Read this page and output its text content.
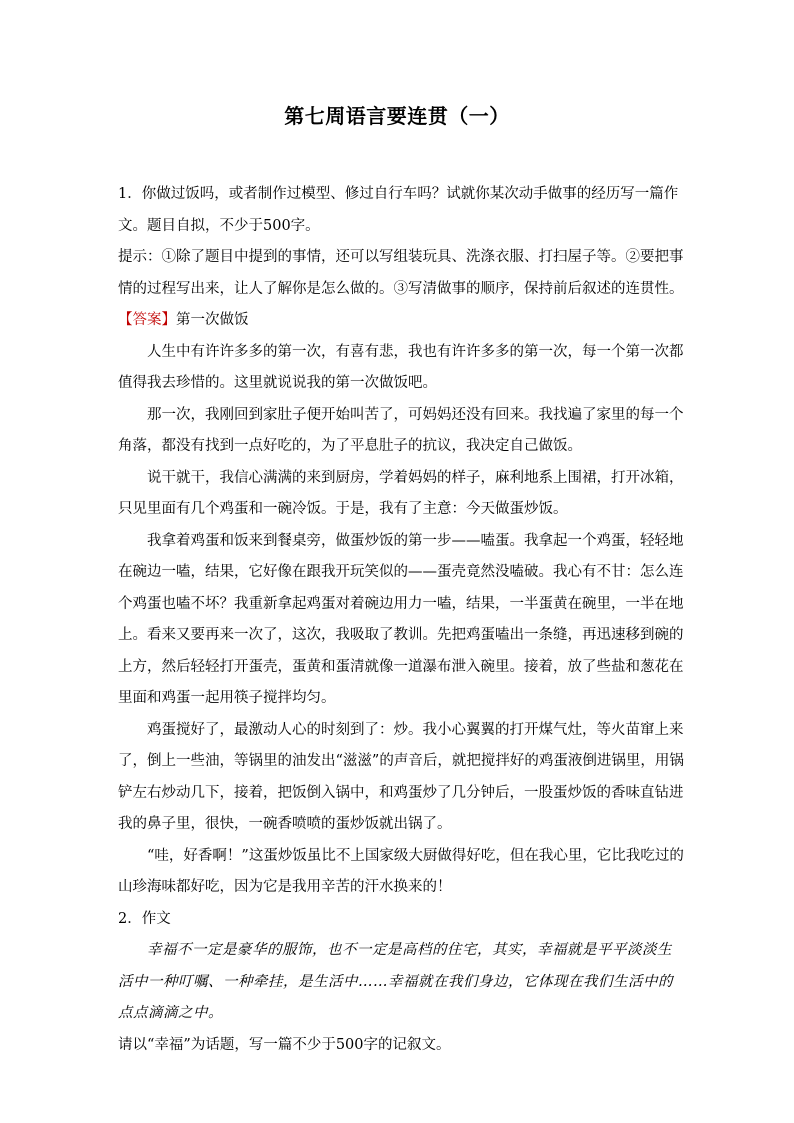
第七周语言要连贯（一）

1．你做过饭吗，或者制作过模型、修过自行车吗？试就你某次动手做事的经历写一篇作文。题目自拟，不少于500字。

提示：①除了题目中提到的事情，还可以写组装玩具、洗涤衣服、打扫屋子等。②要把事情的过程写出来，让人了解你是怎么做的。③写清做事的顺序，保持前后叙述的连贯性。

【答案】第一次做饭

人生中有许许多多的第一次，有喜有悲，我也有许许多多的第一次，每一个第一次都值得我去珍惜的。这里就说说我的第一次做饭吧。

那一次，我刚回到家肚子便开始叫苦了，可妈妈还没有回来。我找遍了家里的每一个角落，都没有找到一点好吃的，为了平息肚子的抗议，我决定自己做饭。

说干就干，我信心满满的来到厨房，学着妈妈的样子，麻利地系上围裙，打开冰箱，只见里面有几个鸡蛋和一碗冷饭。于是，我有了主意：今天做蛋炒饭。

我拿着鸡蛋和饭来到餐桌旁，做蛋炒饭的第一步——嗑蛋。我拿起一个鸡蛋，轻轻地在碗边一嗑，结果，它好像在跟我开玩笑似的——蛋壳竟然没嗑破。我心有不甘：怎么连个鸡蛋也嗑不坏？我重新拿起鸡蛋对着碗边用力一嗑，结果，一半蛋黄在碗里，一半在地上。看来又要再来一次了，这次，我吸取了教训。先把鸡蛋嗑出一条缝，再迅速移到碗的上方，然后轻轻打开蛋壳，蛋黄和蛋清就像一道瀑布泄入碗里。接着，放了些盐和葱花在里面和鸡蛋一起用筷子搅拌均匀。

鸡蛋搅好了，最激动人心的时刻到了：炒。我小心翼翼的打开煤气灶，等火苗窜上来了，倒上一些油，等锅里的油发出“滋滋”的声音后，就把搅拌好的鸡蛋液倒进锅里，用锅铲左右炒动几下，接着，把饭倒入锅中，和鸡蛋炒了几分钟后，一股蛋炒饭的香味直钻进我的鼻子里，很快，一碗香喷喷的蛋炒饭就出锅了。

“哇，好香啊！”这蛋炒饭虽比不上国家级大厨做得好吃，但在我心里，它比我吃过的山珍海味都好吃，因为它是我用辛苦的汗水换来的！

2．作文

幸福不一定是豪华的服饰，也不一定是高档的住宅，其实，幸福就是平平淡淡生活中一种叮嘱、一种牵挂，是生活中……幸福就在我们身边，它体现在我们生活中的点点滴滴之中。

请以“幸福”为话题，写一篇不少于500字的记叙文。
